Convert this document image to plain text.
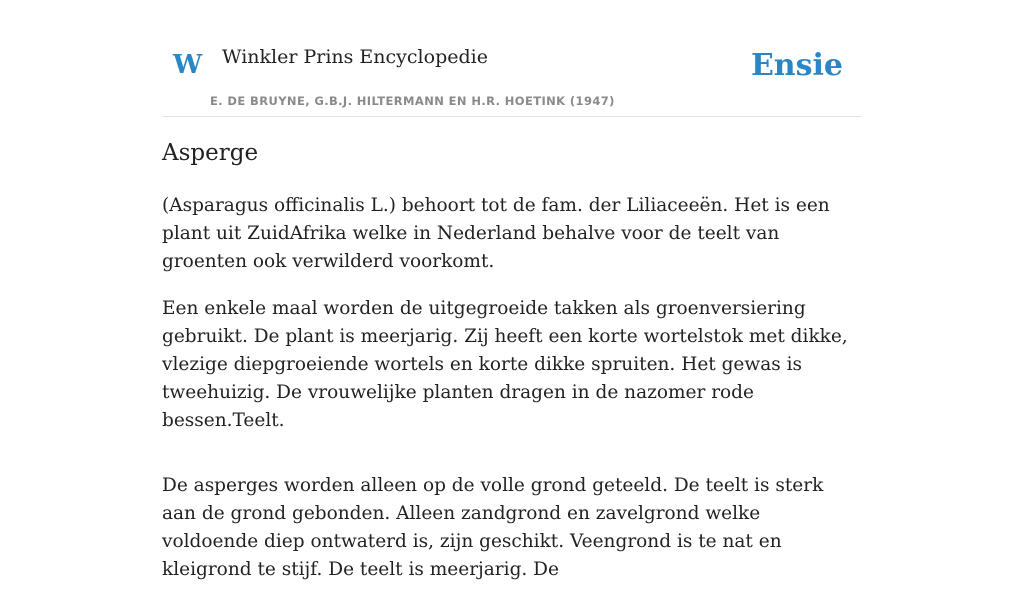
W Winkler Prins Encyclopedie
E. DE BRUYNE, G.B.J. HILTERMANN EN H.R. HOETINK (1947)
Ensie
Asperge

(Asparagus officinalis L.) behoort tot de fam. der Liliaceeën. Het is een plant uit ZuidAfrika welke in Nederland behalve voor de teelt van groenten ook verwilderd voorkomt.

Een enkele maal worden de uitgegroeide takken als groenversiering gebruikt. De plant is meerjarig. Zij heeft een korte wortelstok met dikke, vlezige diepgroeiende wortels en korte dikke spruiten. Het gewas is tweehuizig. De vrouwelijke planten dragen in de nazomer rode bessen.Teelt.

De asperges worden alleen op de volle grond geteeld. De teelt is sterk aan de grond gebonden. Alleen zandgrond en zavelgrond welke voldoende diep ontwaterd is, zijn geschikt. Veengrond is te nat en kleigrond te stijf. De teelt is meerjarig. De
